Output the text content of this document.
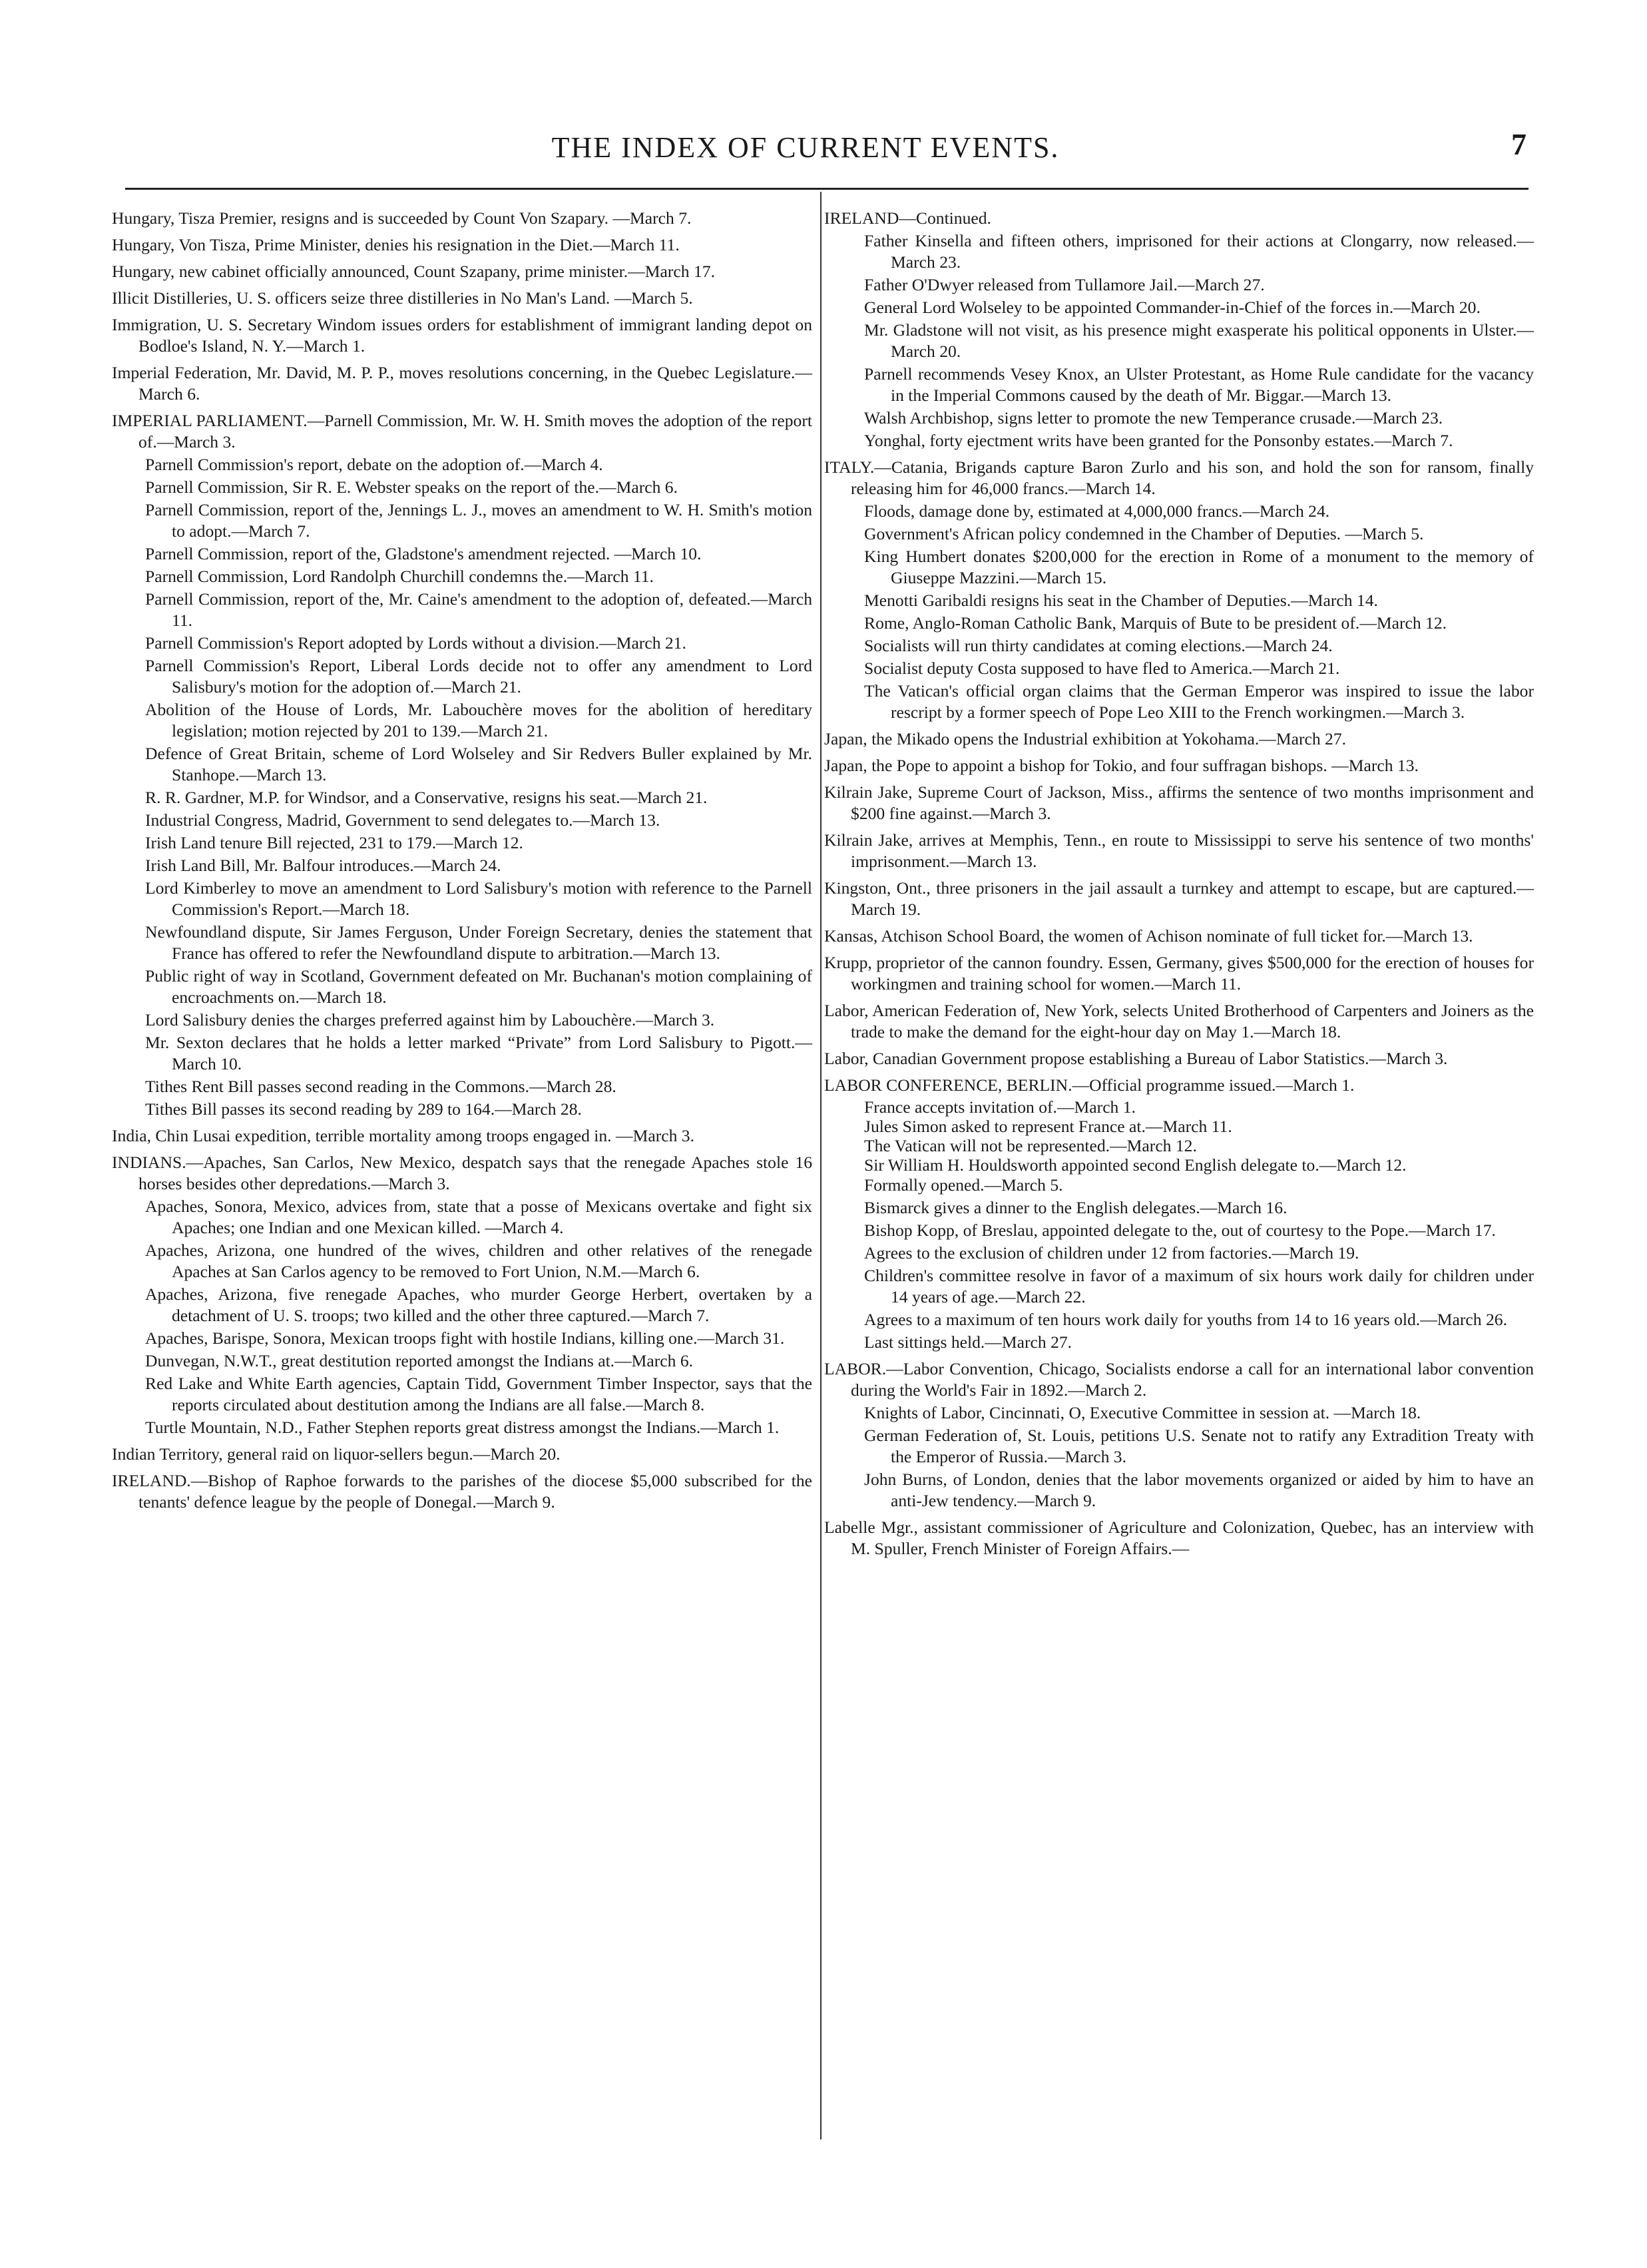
THE INDEX OF CURRENT EVENTS.	7

Hungary, Tisza Premier, resigns and is succeeded by Count Von Szapary. —March 7.

Hungary, Von Tisza, Prime Minister, denies his resignation in the Diet.—March 11.

Hungary, new cabinet officially announced, Count Szapany, prime minister.—March 17.

Illicit Distilleries, U. S. officers seize three distilleries in No Man's Land. —March 5.

Immigration, U. S. Secretary Windom issues orders for establishment of immigrant landing depot on Bodloe's Island, N. Y.—March 1.

Imperial Federation, Mr. David, M. P. P., moves resolutions concerning, in the Quebec Legislature.—March 6.

IMPERIAL PARLIAMENT.—Parnell Commission, Mr. W. H. Smith moves the adoption of the report of.—March 3.

Parnell Commission's report, debate on the adoption of.—March 4.

Parnell Commission, Sir R. E. Webster speaks on the report of the.—March 6.

Parnell Commission, report of the, Jennings L. J., moves an amendment to W. H. Smith's motion to adopt.—March 7.

Parnell Commission, report of the, Gladstone's amendment rejected. —March 10.

Parnell Commission, Lord Randolph Churchill condemns the.—March 11.

Parnell Commission, report of the, Mr. Caine's amendment to the adoption of, defeated.—March 11.

Parnell Commission's Report adopted by Lords without a division.—March 21.

Parnell Commission's Report, Liberal Lords decide not to offer any amendment to Lord Salisbury's motion for the adoption of.—March 21.

Abolition of the House of Lords, Mr. Labouchère moves for the abolition of hereditary legislation; motion rejected by 201 to 139.—March 21.

Defence of Great Britain, scheme of Lord Wolseley and Sir Redvers Buller explained by Mr. Stanhope.—March 13.

R. R. Gardner, M.P. for Windsor, and a Conservative, resigns his seat.—March 21.

Industrial Congress, Madrid, Government to send delegates to.—March 13.

Irish Land tenure Bill rejected, 231 to 179.—March 12.

Irish Land Bill, Mr. Balfour introduces.—March 24.

Lord Kimberley to move an amendment to Lord Salisbury's motion with reference to the Parnell Commission's Report.—March 18.

Newfoundland dispute, Sir James Ferguson, Under Foreign Secretary, denies the statement that France has offered to refer the Newfoundland dispute to arbitration.—March 13.

Public right of way in Scotland, Government defeated on Mr. Buchanan's motion complaining of encroachments on.—March 18.

Lord Salisbury denies the charges preferred against him by Labouchère.—March 3.

Mr. Sexton declares that he holds a letter marked “Private” from Lord Salisbury to Pigott.—March 10.

Tithes Rent Bill passes second reading in the Commons.—March 28.

Tithes Bill passes its second reading by 289 to 164.—March 28.

India, Chin Lusai expedition, terrible mortality among troops engaged in. —March 3.

INDIANS.—Apaches, San Carlos, New Mexico, despatch says that the renegade Apaches stole 16 horses besides other depredations.—March 3.

Apaches, Sonora, Mexico, advices from, state that a posse of Mexicans overtake and fight six Apaches; one Indian and one Mexican killed. —March 4.

Apaches, Arizona, one hundred of the wives, children and other relatives of the renegade Apaches at San Carlos agency to be removed to Fort Union, N.M.—March 6.

Apaches, Arizona, five renegade Apaches, who murder George Herbert, overtaken by a detachment of U. S. troops; two killed and the other three captured.—March 7.

Apaches, Barispe, Sonora, Mexican troops fight with hostile Indians, killing one.—March 31.

Dunvegan, N.W.T., great destitution reported amongst the Indians at.—March 6.

Red Lake and White Earth agencies, Captain Tidd, Government Timber Inspector, says that the reports circulated about destitution among the Indians are all false.—March 8.

Turtle Mountain, N.D., Father Stephen reports great distress amongst the Indians.—March 1.

Indian Territory, general raid on liquor-sellers begun.—March 20.

IRELAND.—Bishop of Raphoe forwards to the parishes of the diocese $5,000 subscribed for the tenants' defence league by the people of Donegal.—March 9.

IRELAND—Continued.

Father Kinsella and fifteen others, imprisoned for their actions at Clongarry, now released.—March 23.

Father O'Dwyer released from Tullamore Jail.—March 27.

General Lord Wolseley to be appointed Commander-in-Chief of the forces in.—March 20.

Mr. Gladstone will not visit, as his presence might exasperate his political opponents in Ulster.—March 20.

Parnell recommends Vesey Knox, an Ulster Protestant, as Home Rule candidate for the vacancy in the Imperial Commons caused by the death of Mr. Biggar.—March 13.

Walsh Archbishop, signs letter to promote the new Temperance crusade.—March 23.

Yonghal, forty ejectment writs have been granted for the Ponsonby estates.—March 7.

ITALY.—Catania, Brigands capture Baron Zurlo and his son, and hold the son for ransom, finally releasing him for 46,000 francs.—March 14.

Floods, damage done by, estimated at 4,000,000 francs.—March 24.

Government's African policy condemned in the Chamber of Deputies. —March 5.

King Humbert donates $200,000 for the erection in Rome of a monument to the memory of Giuseppe Mazzini.—March 15.

Menotti Garibaldi resigns his seat in the Chamber of Deputies.—March 14.

Rome, Anglo-Roman Catholic Bank, Marquis of Bute to be president of.—March 12.

Socialists will run thirty candidates at coming elections.—March 24.

Socialist deputy Costa supposed to have fled to America.—March 21.

The Vatican's official organ claims that the German Emperor was inspired to issue the labor rescript by a former speech of Pope Leo XIII to the French workingmen.—March 3.

Japan, the Mikado opens the Industrial exhibition at Yokohama.—March 27.

Japan, the Pope to appoint a bishop for Tokio, and four suffragan bishops. —March 13.

Kilrain Jake, Supreme Court of Jackson, Miss., affirms the sentence of two months imprisonment and $200 fine against.—March 3.

Kilrain Jake, arrives at Memphis, Tenn., en route to Mississippi to serve his sentence of two months' imprisonment.—March 13.

Kingston, Ont., three prisoners in the jail assault a turnkey and attempt to escape, but are captured.—March 19.

Kansas, Atchison School Board, the women of Achison nominate of full ticket for.—March 13.

Krupp, proprietor of the cannon foundry. Essen, Germany, gives $500,000 for the erection of houses for workingmen and training school for women.—March 11.

Labor, American Federation of, New York, selects United Brotherhood of Carpenters and Joiners as the trade to make the demand for the eight-hour day on May 1.—March 18.

Labor, Canadian Government propose establishing a Bureau of Labor Statistics.—March 3.

LABOR CONFERENCE, BERLIN.—Official programme issued.—March 1.

France accepts invitation of.—March 1.

Jules Simon asked to represent France at.—March 11.

The Vatican will not be represented.—March 12.

Sir William H. Houldsworth appointed second English delegate to.—March 12.

Formally opened.—March 5.

Bismarck gives a dinner to the English delegates.—March 16.

Bishop Kopp, of Breslau, appointed delegate to the, out of courtesy to the Pope.—March 17.

Agrees to the exclusion of children under 12 from factories.—March 19.

Children's committee resolve in favor of a maximum of six hours work daily for children under 14 years of age.—March 22.

Agrees to a maximum of ten hours work daily for youths from 14 to 16 years old.—March 26.

Last sittings held.—March 27.

LABOR.—Labor Convention, Chicago, Socialists endorse a call for an international labor convention during the World's Fair in 1892.—March 2.

Knights of Labor, Cincinnati, O, Executive Committee in session at. —March 18.

German Federation of, St. Louis, petitions U.S. Senate not to ratify any Extradition Treaty with the Emperor of Russia.—March 3.

John Burns, of London, denies that the labor movements organized or aided by him to have an anti-Jew tendency.—March 9.

Labelle Mgr., assistant commissioner of Agriculture and Colonization, Quebec, has an interview with M. Spuller, French Minister of Foreign Affairs.—
